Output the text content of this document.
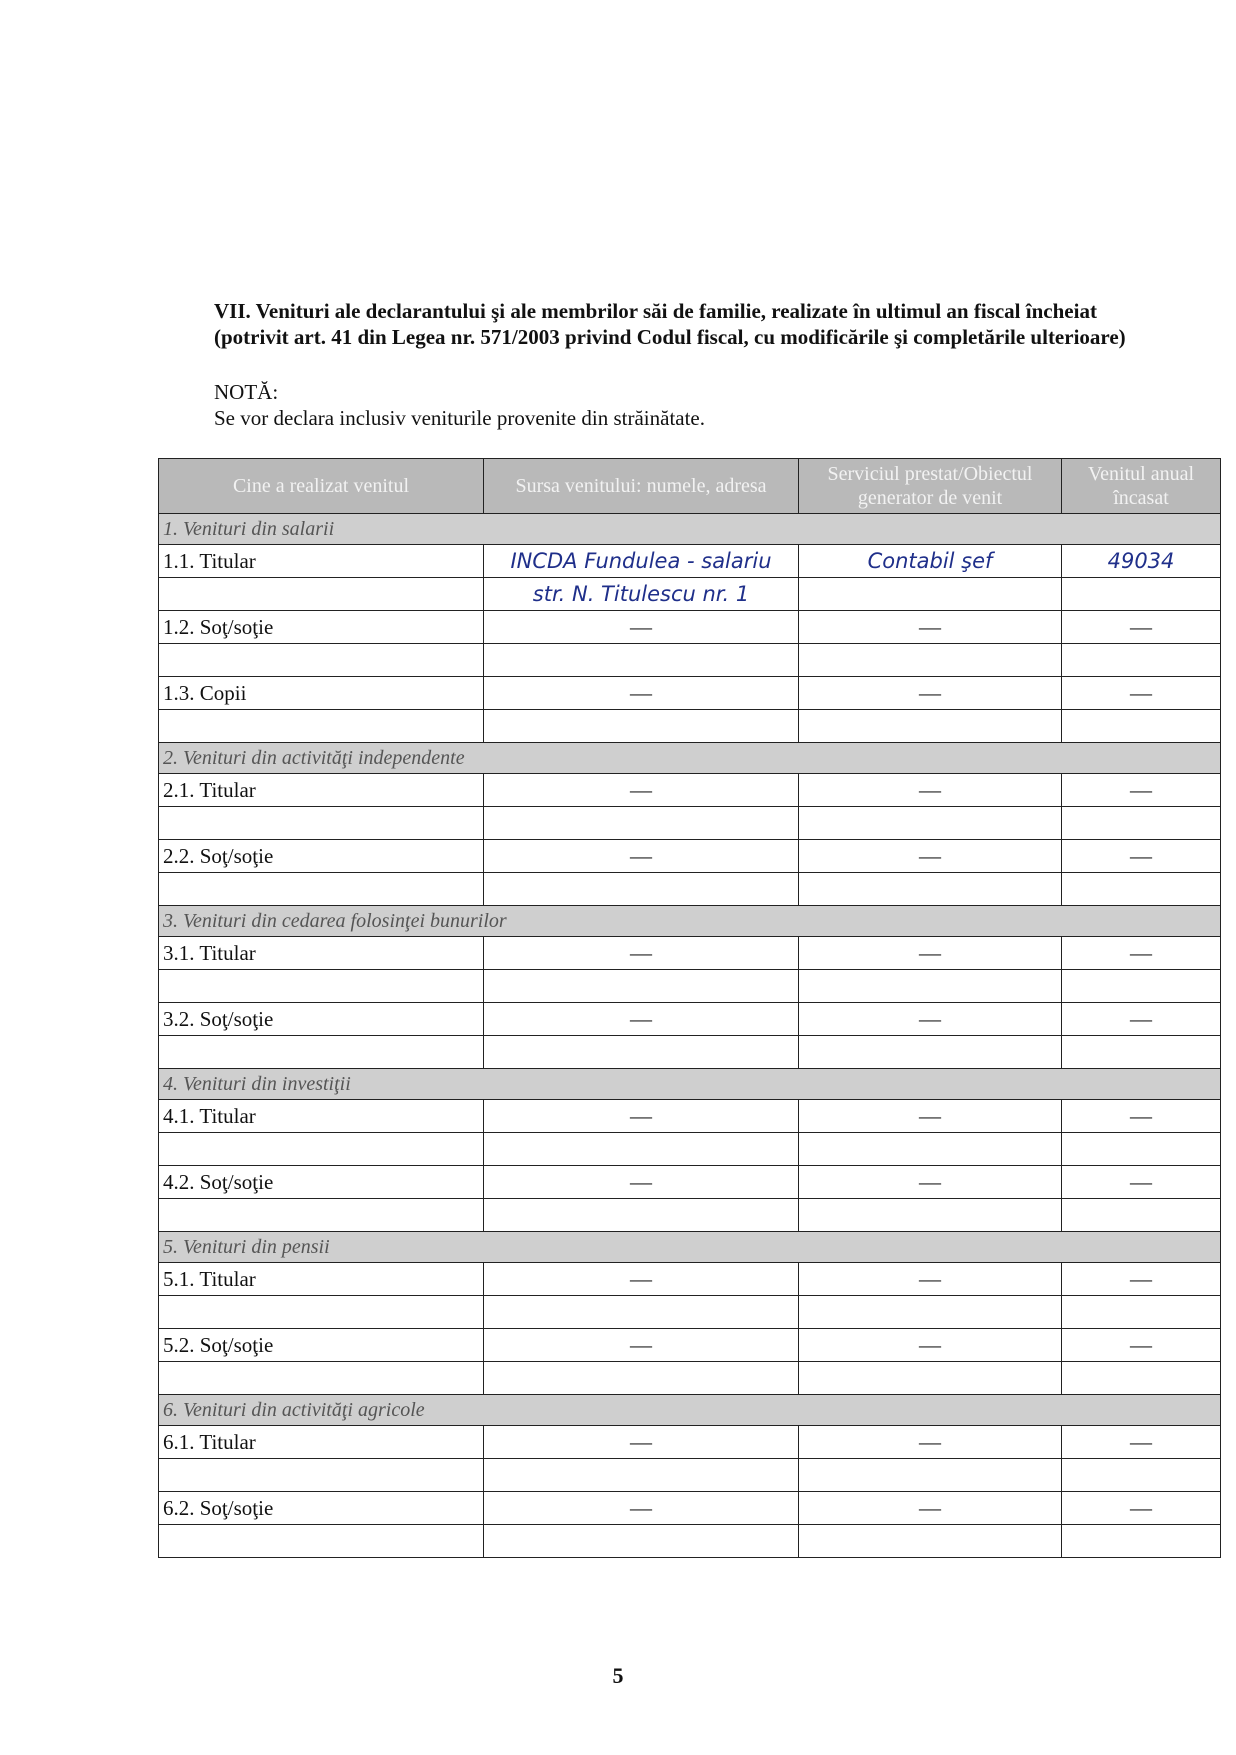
VII. Venituri ale declarantului şi ale membrilor săi de familie, realizate în ultimul an fiscal încheiat
(potrivit art. 41 din Legea nr. 571/2003 privind Codul fiscal, cu modificările şi completările ulterioare)
NOTĂ:
Se vor declara inclusiv veniturile provenite din străinătate.
Cine a realizat venitul	Sursa venitului: numele, adresa	Serviciul prestat/Obiectul generator de venit	Venitul anual încasat
1. Venituri din salarii			
1.1. Titular	INCDA Fundulea - salariu	Contabil şef	49034
	str. N. Titulescu nr. 1		
1.2. Soţ/soţie	—	—	—

1.3. Copii	—	—	—

2. Venituri din activităţi independente			
2.1. Titular	—	—	—

2.2. Soţ/soţie	—	—	—

3. Venituri din cedarea folosinţei bunurilor			
3.1. Titular	—	—	—

3.2. Soţ/soţie	—	—	—

4. Venituri din investiţii			
4.1. Titular	—	—	—

4.2. Soţ/soţie	—	—	—

5. Venituri din pensii			
5.1. Titular	—	—	—

5.2. Soţ/soţie	—	—	—

6. Venituri din activităţi agricole			
6.1. Titular	—	—	—

6.2. Soţ/soţie	—	—	—

5
